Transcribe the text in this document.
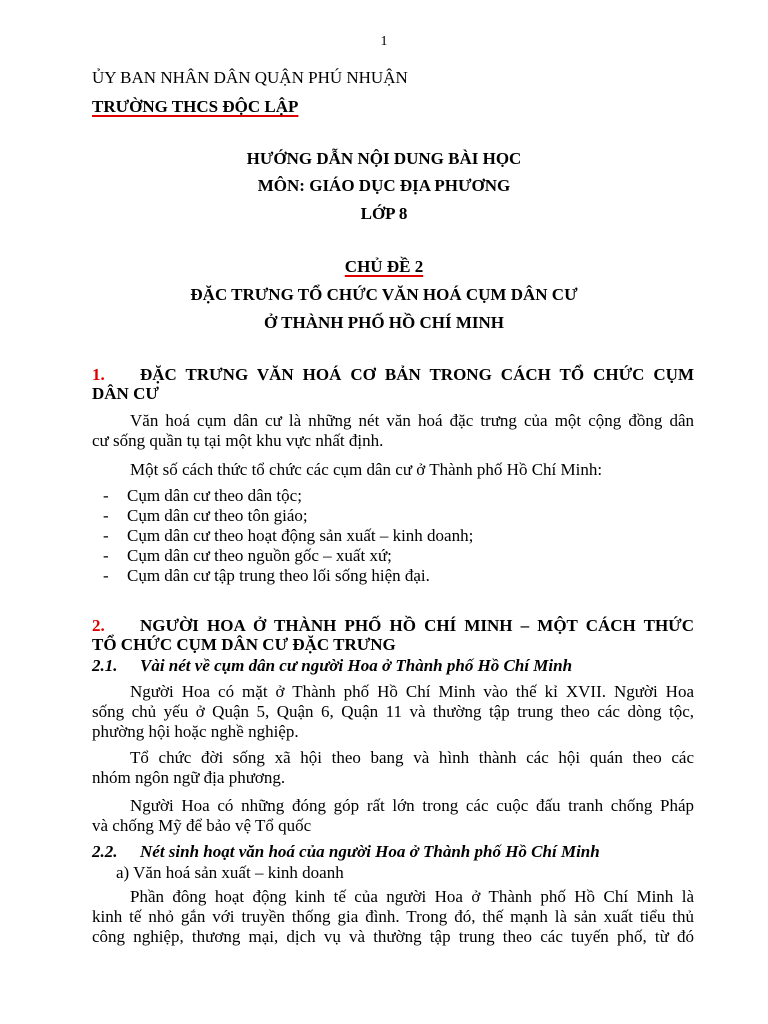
1
ỦY BAN NHÂN DÂN QUẬN PHÚ NHUẬN
TRƯỜNG THCS ĐỘC LẬP
HƯỚNG DẪN NỘI DUNG BÀI HỌC
MÔN: GIÁO DỤC ĐỊA PHƯƠNG
LỚP 8
CHỦ ĐỀ 2
ĐẶC TRƯNG TỔ CHỨC VĂN HOÁ CỤM DÂN CƯ
Ở THÀNH PHỐ HỒ CHÍ MINH
1.	ĐẶC TRƯNG VĂN HOÁ CƠ BẢN TRONG CÁCH TỔ CHỨC CỤM
DÂN CƯ
Văn hoá cụm dân cư là những nét văn hoá đặc trưng của một cộng đồng dân
cư sống quần tụ tại một khu vực nhất định.
Một số cách thức tổ chức các cụm dân cư ở Thành phố Hồ Chí Minh:
- Cụm dân cư theo dân tộc;
- Cụm dân cư theo tôn giáo;
- Cụm dân cư theo hoạt động sản xuất – kinh doanh;
- Cụm dân cư theo nguồn gốc – xuất xứ;
- Cụm dân cư tập trung theo lối sống hiện đại.
2.	NGƯỜI HOA Ở THÀNH PHỐ HỒ CHÍ MINH – MỘT CÁCH THỨC
TỔ CHỨC CỤM DÂN CƯ ĐẶC TRƯNG
2.1. Vài nét về cụm dân cư người Hoa ở Thành phố Hồ Chí Minh
Người Hoa có mặt ở Thành phố Hồ Chí Minh vào thế kỉ XVII. Người Hoa
sống chủ yếu ở Quận 5, Quận 6, Quận 11 và thường tập trung theo các dòng tộc,
phường hội hoặc nghề nghiệp.
Tổ chức đời sống xã hội theo bang và hình thành các hội quán theo các
nhóm ngôn ngữ địa phương.
Người Hoa có những đóng góp rất lớn trong các cuộc đấu tranh chống Pháp
và chống Mỹ để bảo vệ Tổ quốc
2.2. Nét sinh hoạt văn hoá của người Hoa ở Thành phố Hồ Chí Minh
a) Văn hoá sản xuất – kinh doanh
Phần đông hoạt động kinh tế của người Hoa ở Thành phố Hồ Chí Minh là
kinh tế nhỏ gắn với truyền thống gia đình. Trong đó, thế mạnh là sản xuất tiểu thủ
công nghiệp, thương mại, dịch vụ và thường tập trung theo các tuyến phố, từ đó
